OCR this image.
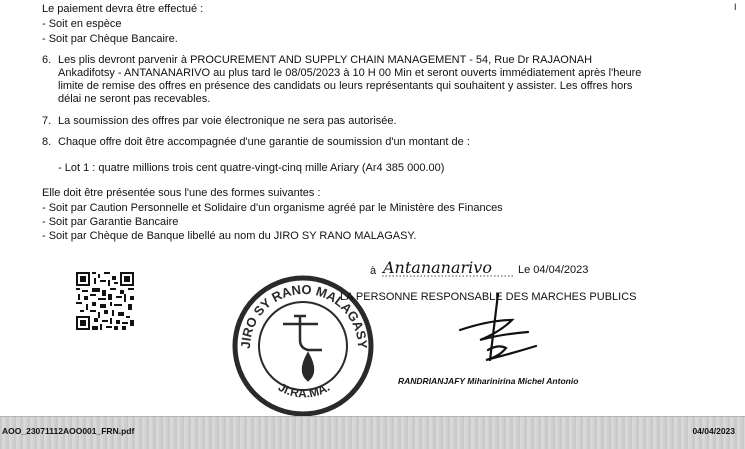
I
Le paiement devra être effectué :
- Soit en espèce
- Soit par Chèque Bancaire.
6. Les plis devront parvenir à PROCUREMENT AND SUPPLY CHAIN MANAGEMENT - 54, Rue Dr RAJAONAH
Ankadifotsy - ANTANANARIVO au plus tard le 08/05/2023 à 10 H 00 Min et seront ouverts immédiatement après l'heure
limite de remise des offres en présence des candidats ou leurs représentants qui souhaitent y assister. Les offres hors
délai ne seront pas recevables.
7. La soumission des offres par voie électronique ne sera pas autorisée.
8. Chaque offre doit être accompagnée d'une garantie de soumission d'un montant de :
- Lot 1 : quatre millions trois cent quatre-vingt-cinq mille Ariary (Ar4 385 000.00)
Elle doit être présentée sous l'une des formes suivantes :
- Soit par Caution Personnelle et Solidaire d'un organisme agréé par le Ministère des Finances
- Soit par Garantie Bancaire
- Soit par Chèque de Banque libellé au nom du JIRO SY RANO MALAGASY.
JIRO SY RANO MALAGASY
JI.RA.MA.
à Antananarivo Le 04/04/2023
LA PERSONNE RESPONSABLE DES MARCHES PUBLICS
RANDRIANJAFY Miharinirina Michel Antonio
AOO_23071112AOO001_FRN.pdf	04/04/2023
